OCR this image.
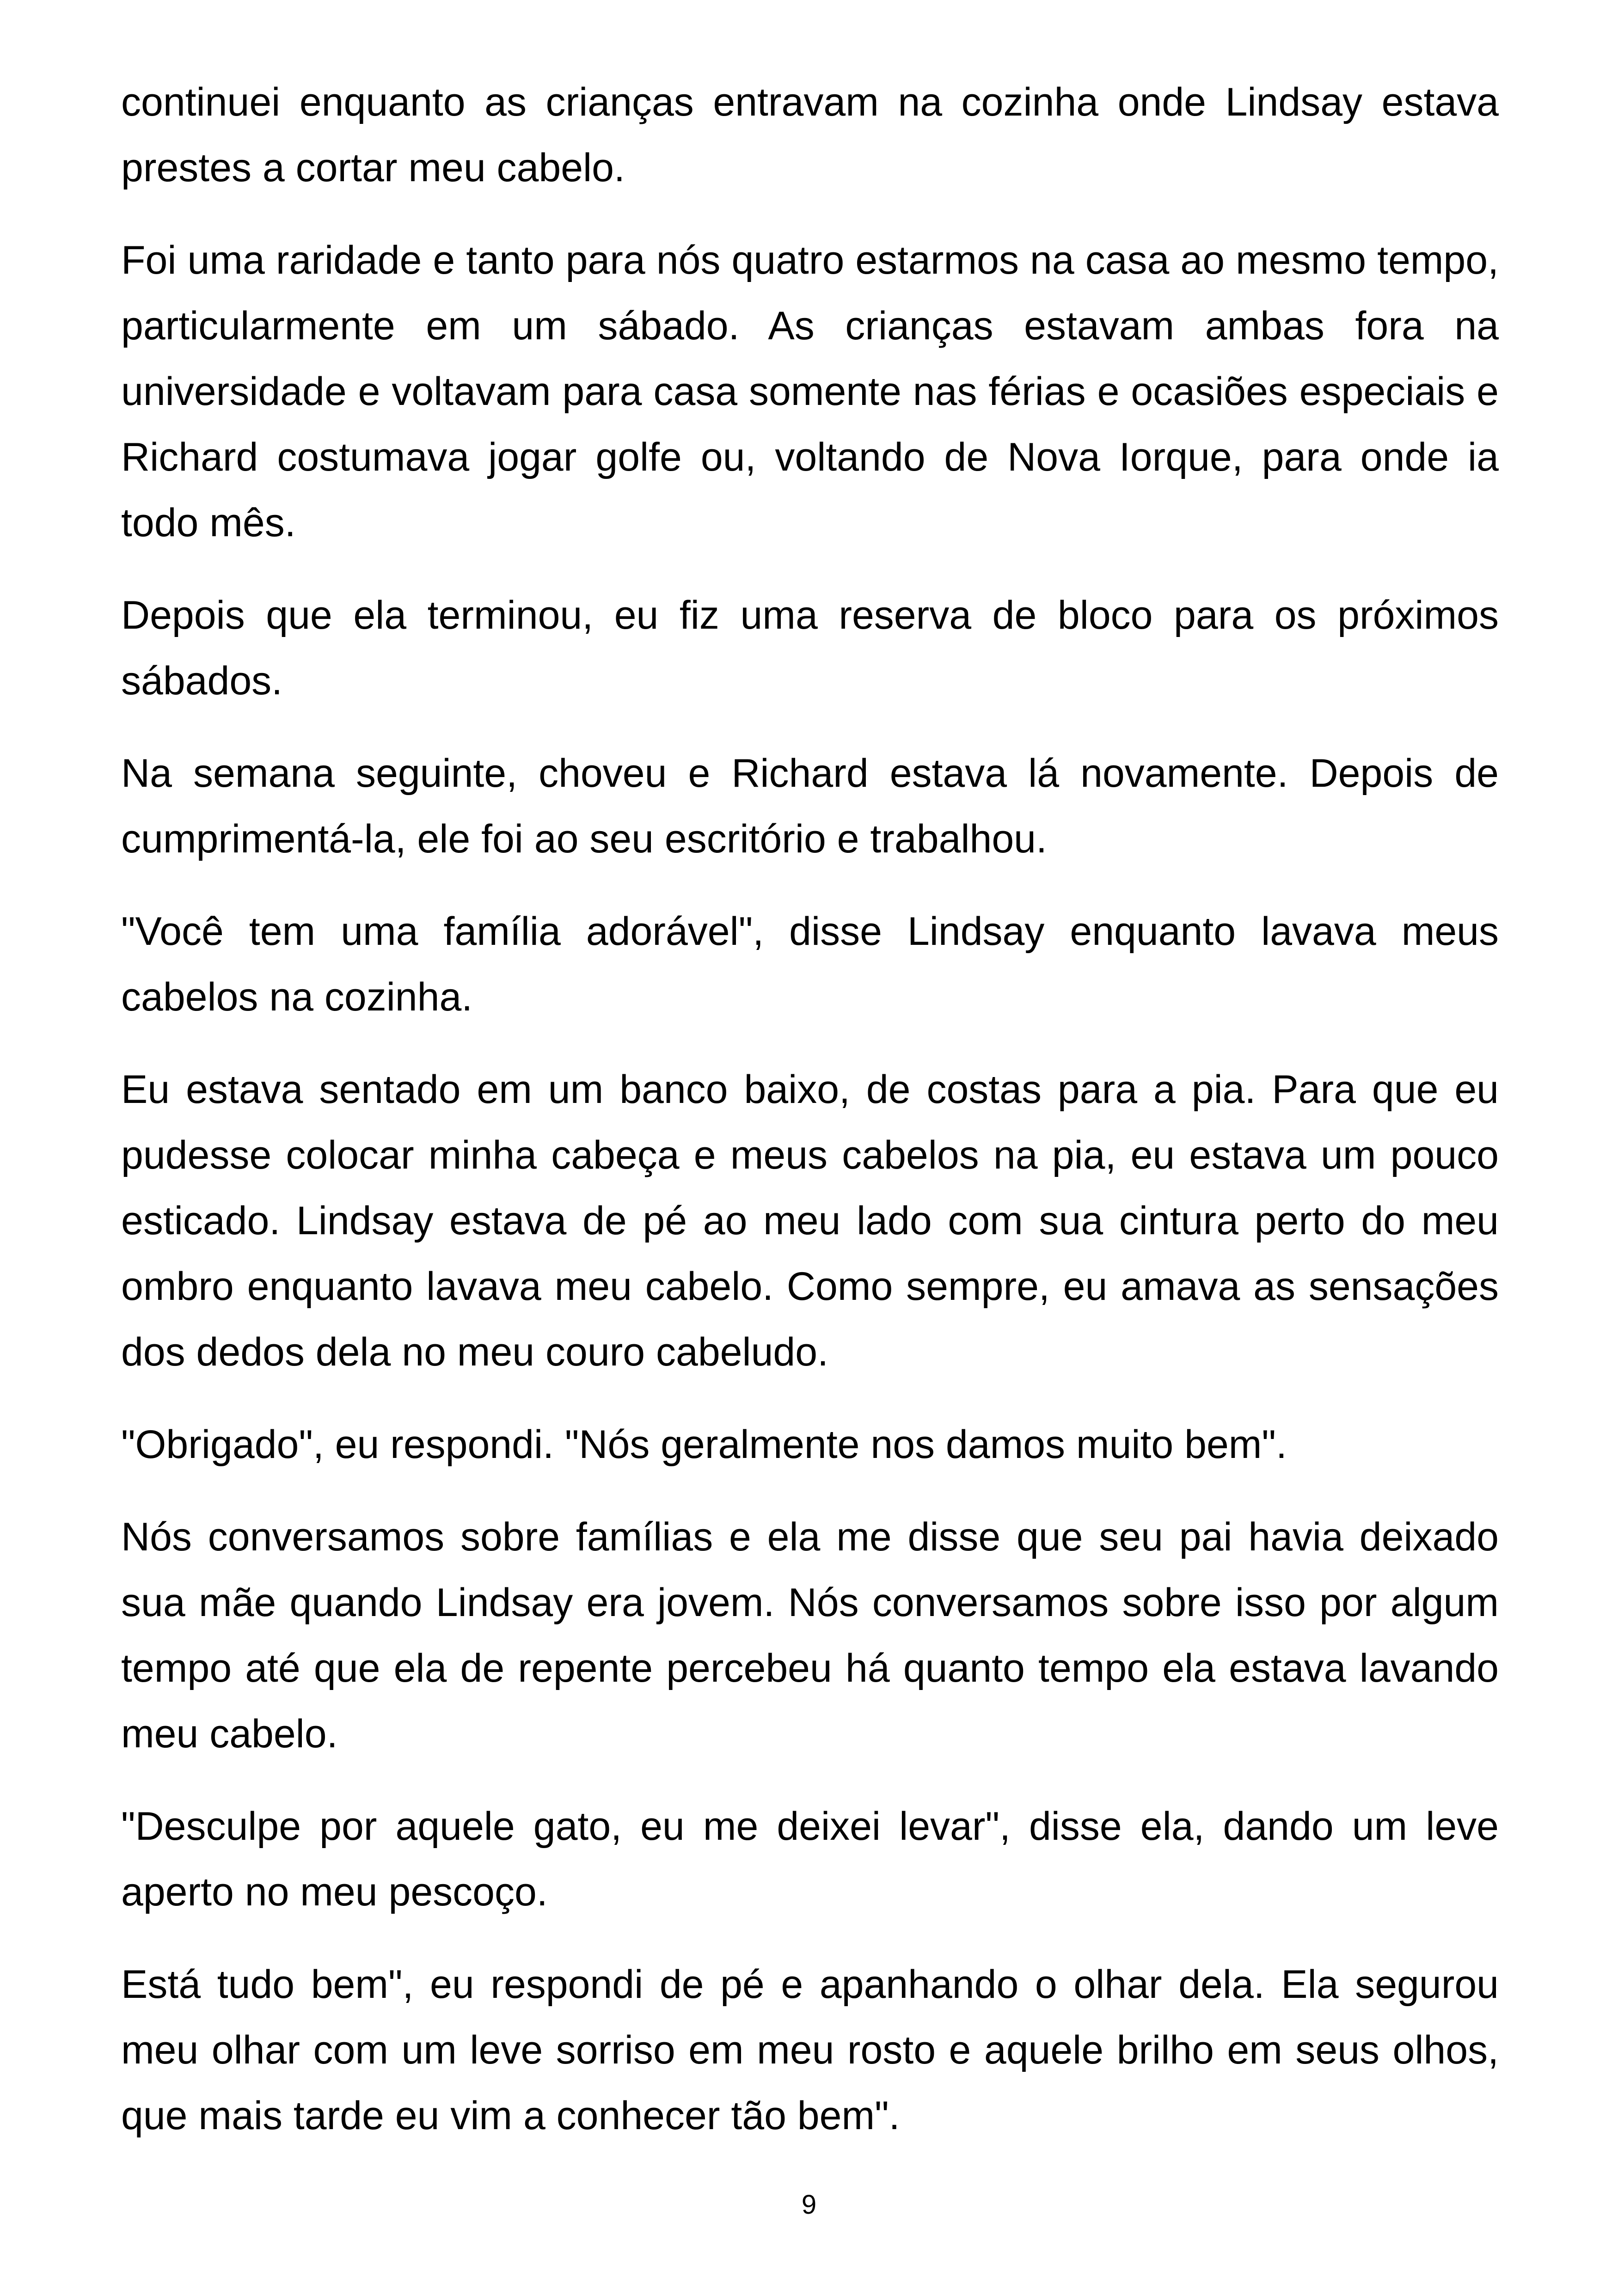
continuei enquanto as crianças entravam na cozinha onde Lindsay estava prestes a cortar meu cabelo.

Foi uma raridade e tanto para nós quatro estarmos na casa ao mesmo tempo, particularmente em um sábado. As crianças estavam ambas fora na universidade e voltavam para casa somente nas férias e ocasiões especiais e Richard costumava jogar golfe ou, voltando de Nova Iorque, para onde ia todo mês.

Depois que ela terminou, eu fiz uma reserva de bloco para os próximos sábados.

Na semana seguinte, choveu e Richard estava lá novamente. Depois de cumprimentá-la, ele foi ao seu escritório e trabalhou.

"Você tem uma família adorável", disse Lindsay enquanto lavava meus cabelos na cozinha.

Eu estava sentado em um banco baixo, de costas para a pia. Para que eu pudesse colocar minha cabeça e meus cabelos na pia, eu estava um pouco esticado. Lindsay estava de pé ao meu lado com sua cintura perto do meu ombro enquanto lavava meu cabelo. Como sempre, eu amava as sensações dos dedos dela no meu couro cabeludo.

"Obrigado", eu respondi. "Nós geralmente nos damos muito bem".

Nós conversamos sobre famílias e ela me disse que seu pai havia deixado sua mãe quando Lindsay era jovem. Nós conversamos sobre isso por algum tempo até que ela de repente percebeu há quanto tempo ela estava lavando meu cabelo.

"Desculpe por aquele gato, eu me deixei levar", disse ela, dando um leve aperto no meu pescoço.

Está tudo bem", eu respondi de pé e apanhando o olhar dela. Ela segurou meu olhar com um leve sorriso em meu rosto e aquele brilho em seus olhos, que mais tarde eu vim a conhecer tão bem".

9
